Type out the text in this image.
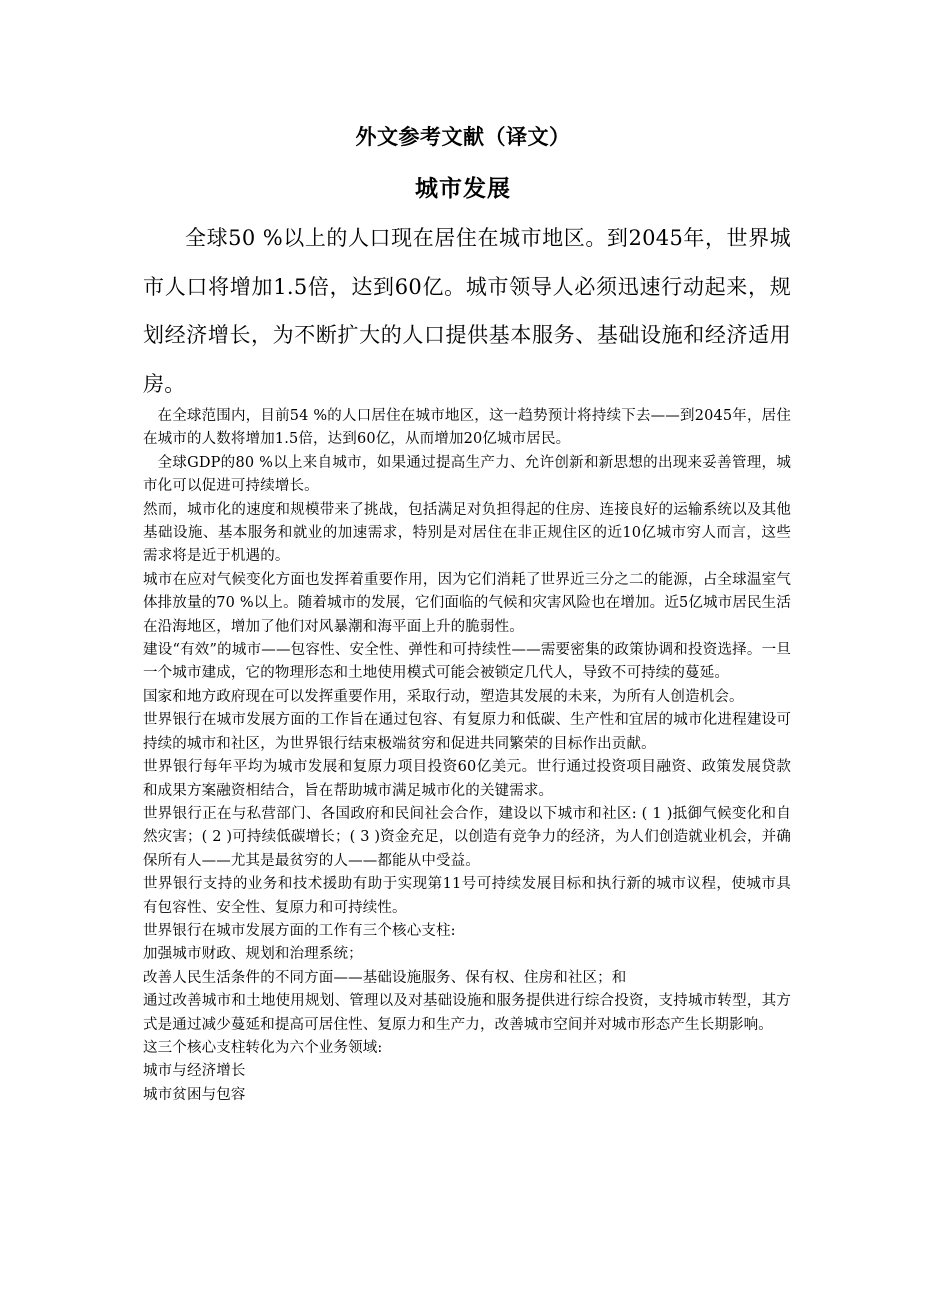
外文参考文献（译文）
城市发展

全球50 %以上的人口现在居住在城市地区。到2045年，世界城市人口将增加1.5倍，达到60亿。城市领导人必须迅速行动起来，规划经济增长，为不断扩大的人口提供基本服务、基础设施和经济适用房。

在全球范围内，目前54 %的人口居住在城市地区，这一趋势预计将持续下去——到2045年，居住在城市的人数将增加1.5倍，达到60亿，从而增加20亿城市居民。

全球GDP的80 %以上来自城市，如果通过提高生产力、允许创新和新思想的出现来妥善管理，城市化可以促进可持续增长。

然而，城市化的速度和规模带来了挑战，包括满足对负担得起的住房、连接良好的运输系统以及其他基础设施、基本服务和就业的加速需求，特别是对居住在非正规住区的近10亿城市穷人而言，这些需求将是近于机遇的。

城市在应对气候变化方面也发挥着重要作用，因为它们消耗了世界近三分之二的能源，占全球温室气体排放量的70 %以上。随着城市的发展，它们面临的气候和灾害风险也在增加。近5亿城市居民生活在沿海地区，增加了他们对风暴潮和海平面上升的脆弱性。

建设“有效”的城市——包容性、安全性、弹性和可持续性——需要密集的政策协调和投资选择。一旦一个城市建成，它的物理形态和土地使用模式可能会被锁定几代人，导致不可持续的蔓延。

国家和地方政府现在可以发挥重要作用，采取行动，塑造其发展的未来，为所有人创造机会。

世界银行在城市发展方面的工作旨在通过包容、有复原力和低碳、生产性和宜居的城市化进程建设可持续的城市和社区，为世界银行结束极端贫穷和促进共同繁荣的目标作出贡献。

世界银行每年平均为城市发展和复原力项目投资60亿美元。世行通过投资项目融资、政策发展贷款和成果方案融资相结合，旨在帮助城市满足城市化的关键需求。

世界银行正在与私营部门、各国政府和民间社会合作，建设以下城市和社区: ( 1 )抵御气候变化和自然灾害；( 2 )可持续低碳增长；( 3 )资金充足，以创造有竞争力的经济，为人们创造就业机会，并确保所有人——尤其是最贫穷的人——都能从中受益。

世界银行支持的业务和技术援助有助于实现第11号可持续发展目标和执行新的城市议程，使城市具有包容性、安全性、复原力和可持续性。

世界银行在城市发展方面的工作有三个核心支柱:

加强城市财政、规划和治理系统；

改善人民生活条件的不同方面——基础设施服务、保有权、住房和社区；和

通过改善城市和土地使用规划、管理以及对基础设施和服务提供进行综合投资，支持城市转型，其方式是通过减少蔓延和提高可居住性、复原力和生产力，改善城市空间并对城市形态产生长期影响。

这三个核心支柱转化为六个业务领域:

城市与经济增长

城市贫困与包容
